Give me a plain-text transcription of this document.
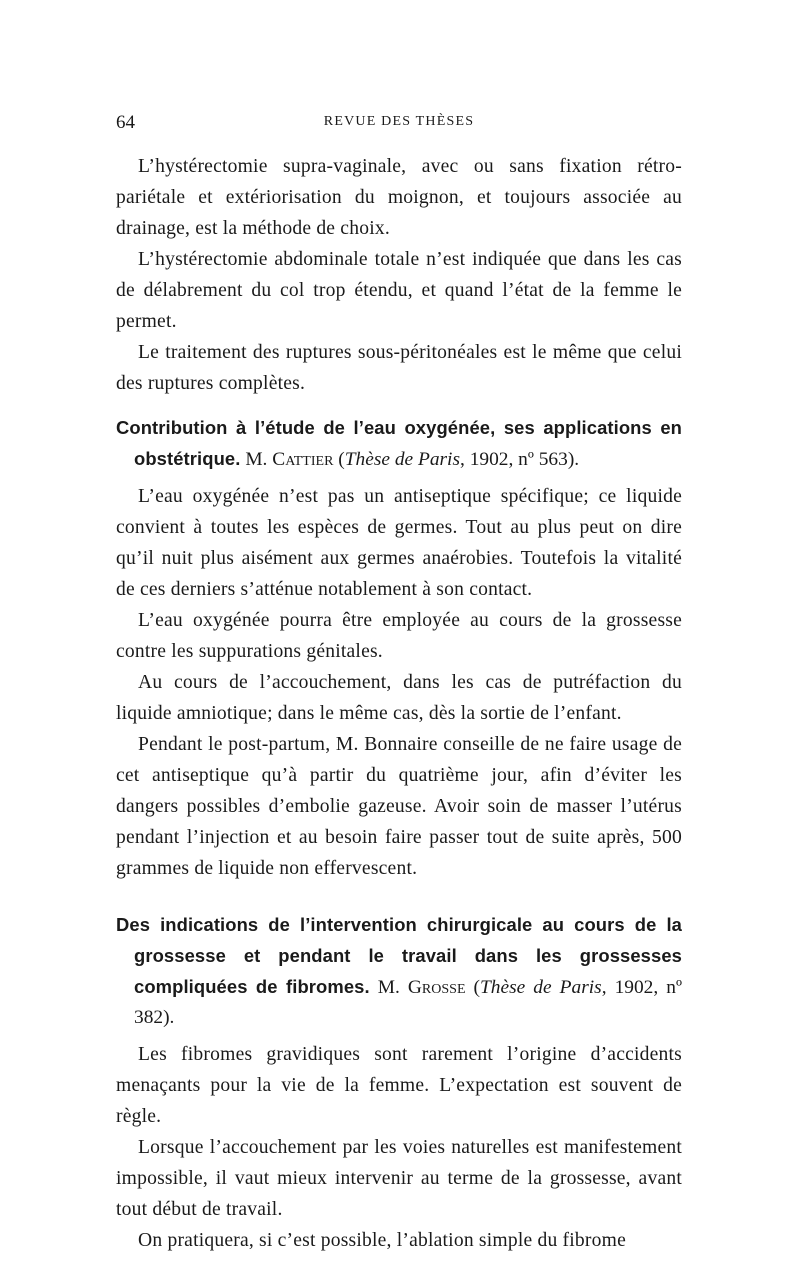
64	REVUE DES THÈSES

L’hystérectomie supra-vaginale, avec ou sans fixation rétro-pariétale et extériorisation du moignon, et toujours associée au drainage, est la méthode de choix.

L’hystérectomie abdominale totale n’est indiquée que dans les cas de délabrement du col trop étendu, et quand l’état de la femme le permet.

Le traitement des ruptures sous-péritonéales est le même que celui des ruptures complètes.

Contribution à l’étude de l’eau oxygénée, ses applications en obstétrique. M. Cattier (Thèse de Paris, 1902, nº 563).

L’eau oxygénée n’est pas un antiseptique spécifique; ce liquide convient à toutes les espèces de germes. Tout au plus peut on dire qu’il nuit plus aisément aux germes anaérobies. Toutefois la vitalité de ces derniers s’atténue notablement à son contact.

L’eau oxygénée pourra être employée au cours de la grossesse contre les suppurations génitales.

Au cours de l’accouchement, dans les cas de putréfaction du liquide amniotique; dans le même cas, dès la sortie de l’enfant.

Pendant le post-partum, M. Bonnaire conseille de ne faire usage de cet antiseptique qu’à partir du quatrième jour, afin d’éviter les dangers possibles d’embolie gazeuse. Avoir soin de masser l’utérus pendant l’injection et au besoin faire passer tout de suite après, 500 grammes de liquide non effervescent.

Des indications de l’intervention chirurgicale au cours de la grossesse et pendant le travail dans les grossesses compliquées de fibromes. M. Grosse (Thèse de Paris, 1902, nº 382).

Les fibromes gravidiques sont rarement l’origine d’accidents menaçants pour la vie de la femme. L’expectation est souvent de règle.

Lorsque l’accouchement par les voies naturelles est manifestement impossible, il vaut mieux intervenir au terme de la grossesse, avant tout début de travail.

On pratiquera, si c’est possible, l’ablation simple du fibrome
